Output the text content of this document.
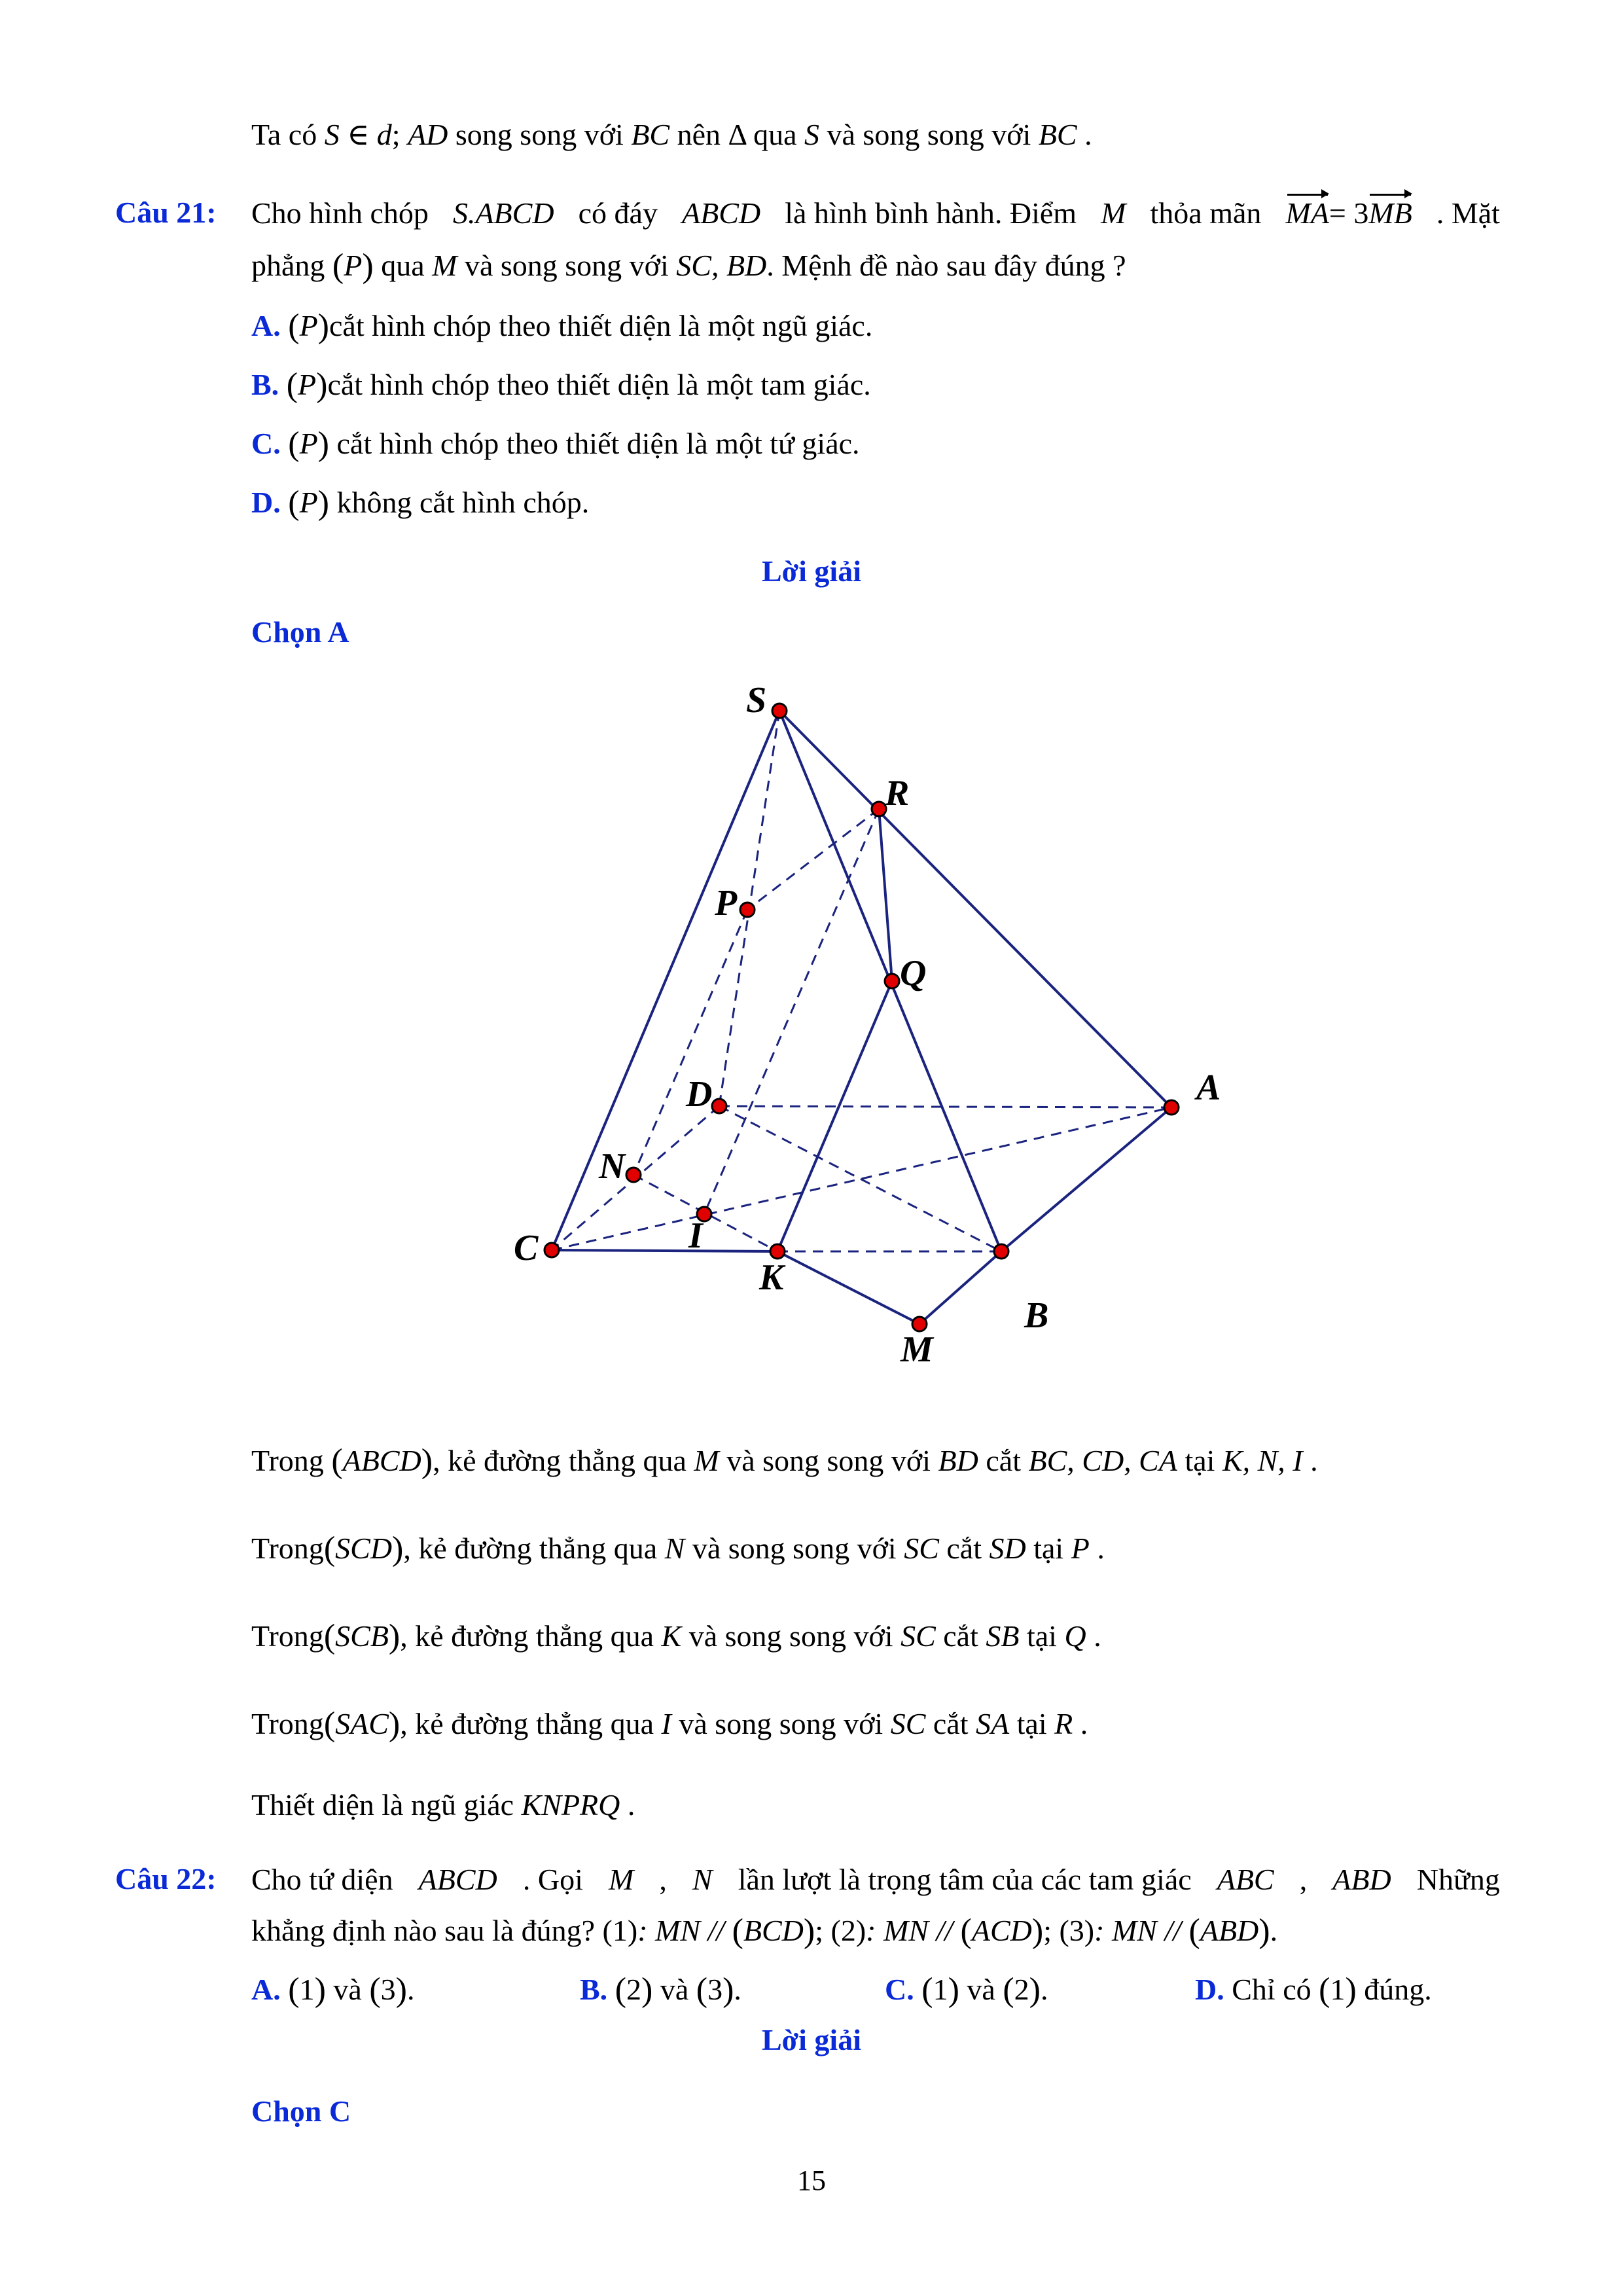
Ta có S ∈ d; AD song song với BC nên Δ qua S và song song với BC .
Câu 21: Cho hình chóp S.ABCD có đáy ABCD là hình bình hành. Điểm M thỏa mãn MA= 3MB . Mặt
phẳng (P) qua M và song song với SC, BD. Mệnh đề nào sau đây đúng ?
A. (P)cắt hình chóp theo thiết diện là một ngũ giác.
B. (P)cắt hình chóp theo thiết diện là một tam giác.
C. (P) cắt hình chóp theo thiết diện là một tứ giác.
D. (P) không cắt hình chóp.
Lời giải
Chọn A
S
R
P
Q
D	A
N
I
C
K
B
M
Trong (ABCD), kẻ đường thẳng qua M và song song với BD cắt BC, CD, CA tại K, N, I .
Trong(SCD), kẻ đường thẳng qua N và song song với SC cắt SD tại P .
Trong(SCB), kẻ đường thẳng qua K và song song với SC cắt SB tại Q .
Trong(SAC), kẻ đường thẳng qua I và song song với SC cắt SA tại R .
Thiết diện là ngũ giác KNPRQ .
Câu 22: Cho tứ diện ABCD . Gọi M , N lần lượt là trọng tâm của các tam giác ABC , ABD Những
khẳng định nào sau là đúng? (1): MN // (BCD); (2): MN // (ACD); (3): MN // (ABD).
A. (1) và (3).	B. (2) và (3).	C. (1) và (2).	D. Chỉ có (1) đúng.
Lời giải
Chọn C
15
